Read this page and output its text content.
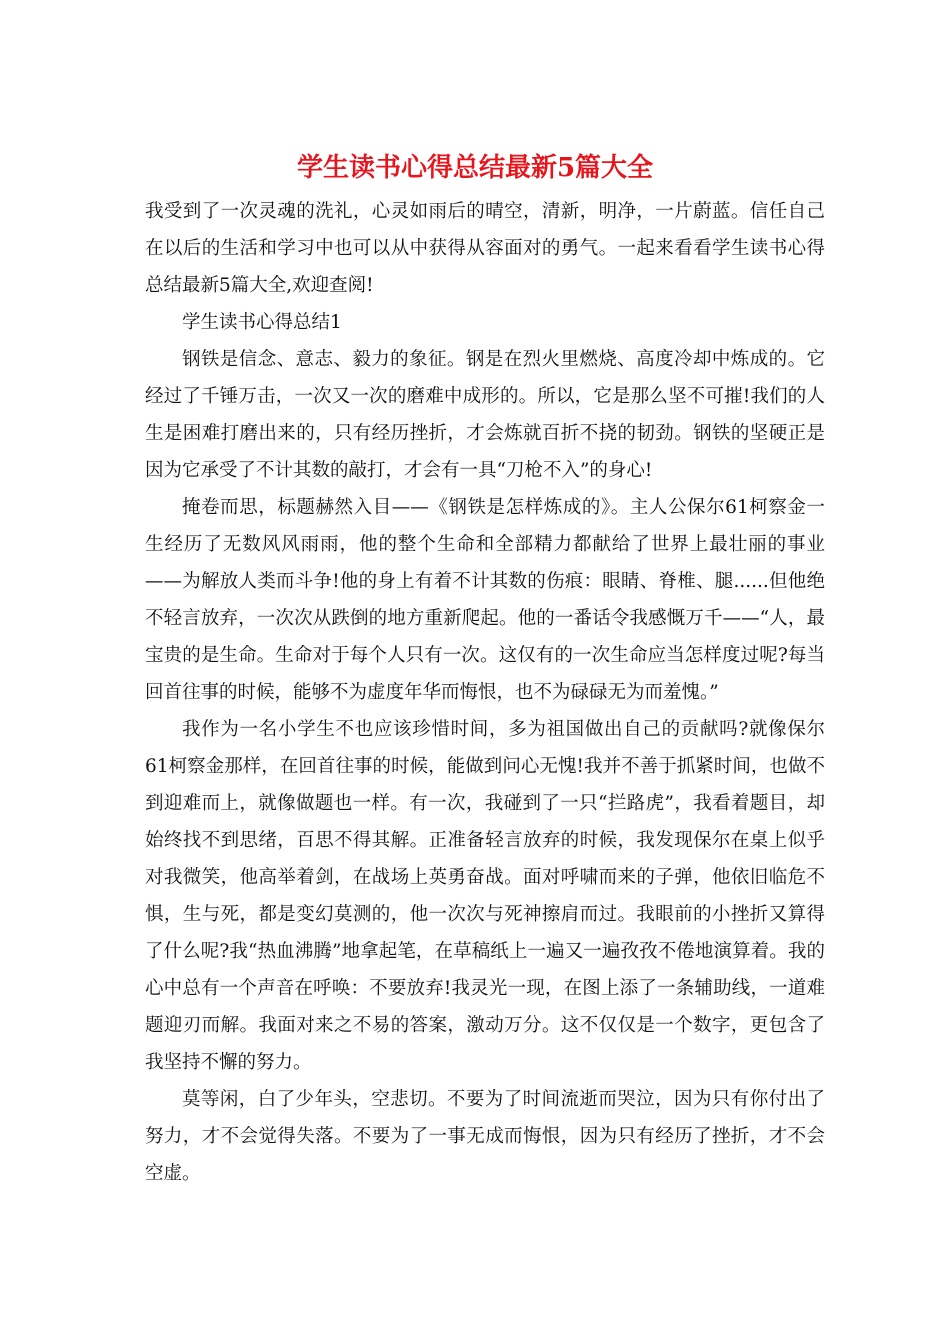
学生读书心得总结最新5篇大全

我受到了一次灵魂的洗礼，心灵如雨后的晴空，清新，明净，一片蔚蓝。信任自己在以后的生活和学习中也可以从中获得从容面对的勇气。一起来看看学生读书心得总结最新5篇大全,欢迎查阅!

学生读书心得总结1

钢铁是信念、意志、毅力的象征。钢是在烈火里燃烧、高度冷却中炼成的。它经过了千锤万击，一次又一次的磨难中成形的。所以，它是那么坚不可摧!我们的人生是困难打磨出来的，只有经历挫折，才会炼就百折不挠的韧劲。钢铁的坚硬正是因为它承受了不计其数的敲打，才会有一具“刀枪不入”的身心!

掩卷而思，标题赫然入目——《钢铁是怎样炼成的》。主人公保尔61柯察金一生经历了无数风风雨雨，他的整个生命和全部精力都献给了世界上最壮丽的事业——为解放人类而斗争!他的身上有着不计其数的伤痕：眼睛、脊椎、腿......但他绝不轻言放弃，一次次从跌倒的地方重新爬起。他的一番话令我感慨万千——“人，最宝贵的是生命。生命对于每个人只有一次。这仅有的一次生命应当怎样度过呢?每当回首往事的时候，能够不为虚度年华而悔恨，也不为碌碌无为而羞愧。”

我作为一名小学生不也应该珍惜时间，多为祖国做出自己的贡献吗?就像保尔61柯察金那样，在回首往事的时候，能做到问心无愧!我并不善于抓紧时间，也做不到迎难而上，就像做题也一样。有一次，我碰到了一只“拦路虎”，我看着题目，却始终找不到思绪，百思不得其解。正准备轻言放弃的时候，我发现保尔在桌上似乎对我微笑，他高举着剑，在战场上英勇奋战。面对呼啸而来的子弹，他依旧临危不惧，生与死，都是变幻莫测的，他一次次与死神擦肩而过。我眼前的小挫折又算得了什么呢?我“热血沸腾”地拿起笔，在草稿纸上一遍又一遍孜孜不倦地演算着。我的心中总有一个声音在呼唤：不要放弃!我灵光一现，在图上添了一条辅助线，一道难题迎刃而解。我面对来之不易的答案，激动万分。这不仅仅是一个数字，更包含了我坚持不懈的努力。

莫等闲，白了少年头，空悲切。不要为了时间流逝而哭泣，因为只有你付出了努力，才不会觉得失落。不要为了一事无成而悔恨，因为只有经历了挫折，才不会空虚。
